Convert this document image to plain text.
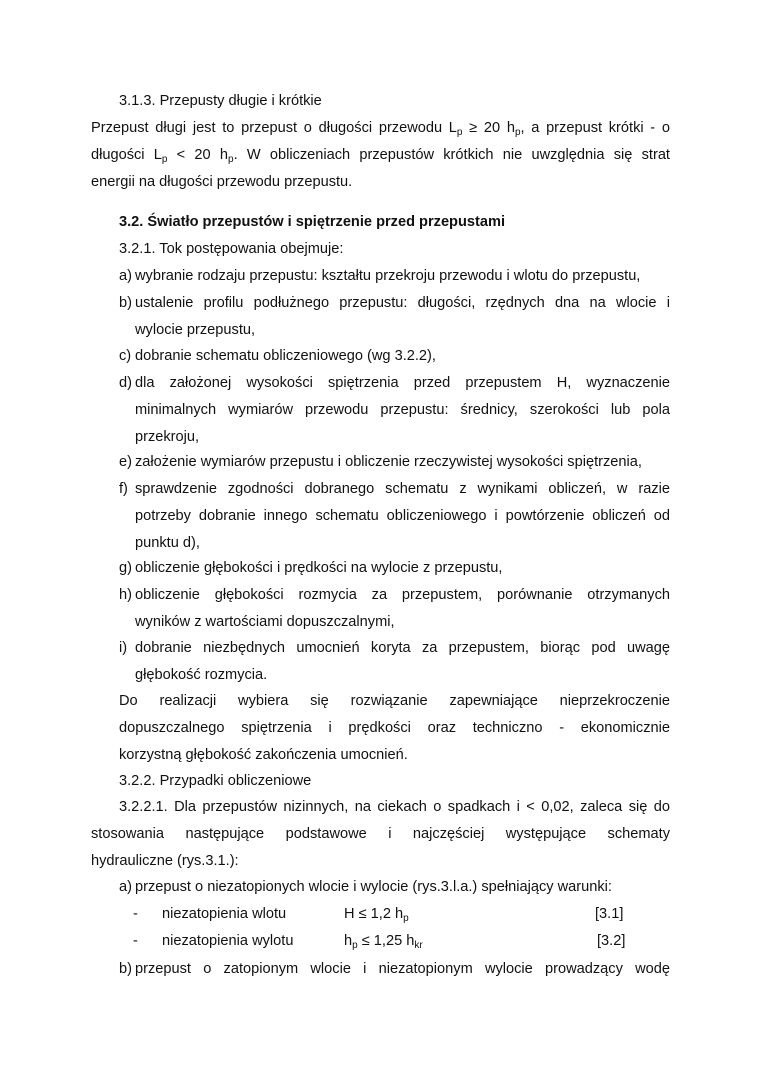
3.1.3. Przepusty długie i krótkie
Przepust długi jest to przepust o długości przewodu $L_p \ge 20$ $h_p$, a przepust krótki - o
długości $L_p < 20$ $h_p$. W obliczeniach przepustów krótkich nie uwzględnia się strat
energii na długości przewodu przepustu.
3.2. Światło przepustów i spiętrzenie przed przepustami
3.2.1. Tok postępowania obejmuje:
a) wybranie rodzaju przepustu: kształtu przekroju przewodu i wlotu do przepustu,
b) ustalenie profilu podłużnego przepustu: długości, rzędnych dna na wlocie i
wylocie przepustu,
c) dobranie schematu obliczeniowego (wg 3.2.2),
d) dla założonej wysokości spiętrzenia przed przepustem H, wyznaczenie
minimalnych wymiarów przewodu przepustu: średnicy, szerokości lub pola
przekroju,
e) założenie wymiarów przepustu i obliczenie rzeczywistej wysokości spiętrzenia,
f) sprawdzenie zgodności dobranego schematu z wynikami obliczeń, w razie
potrzeby dobranie innego schematu obliczeniowego i powtórzenie obliczeń od
punktu d),
g) obliczenie głębokości i prędkości na wylocie z przepustu,
h) obliczenie głębokości rozmycia za przepustem, porównanie otrzymanych
wyników z wartościami dopuszczalnymi,
i) dobranie niezbędnych umocnień koryta za przepustem, biorąc pod uwagę
głębokość rozmycia.
Do realizacji wybiera się rozwiązanie zapewniające nieprzekroczenie
dopuszczalnego spiętrzenia i prędkości oraz techniczno - ekonomicznie
korzystną głębokość zakończenia umocnień.
3.2.2. Przypadki obliczeniowe
3.2.2.1. Dla przepustów nizinnych, na ciekach o spadkach i < 0,02, zaleca się do
stosowania następujące podstawowe i najczęściej występujące schematy
hydrauliczne (rys.3.1.):
a) przepust o niezatopionych wlocie i wylocie (rys.3.l.a.) spełniający warunki:
- niezatopienia wlotu	H ≤ 1,2 $h_p$	[3.1]
- niezatopienia wylotu	$h_p \le 1,25$ $h_{kr}$	[3.2]
b) przepust o zatopionym wlocie i niezatopionym wylocie prowadzący wodę
